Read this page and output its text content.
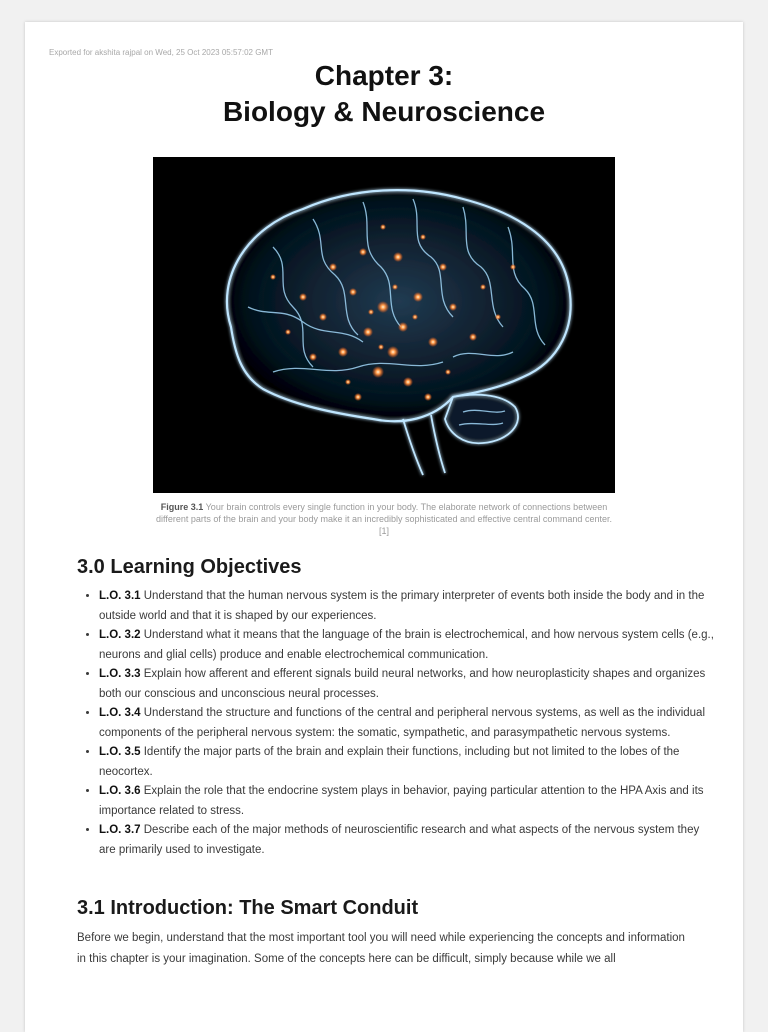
Exported for akshita rajpal on Wed, 25 Oct 2023 05:57:02 GMT
Chapter 3:
Biology & Neuroscience
Figure 3.1 Your brain controls every single function in your body. The elaborate network of connections between different parts of the brain and your body make it an incredibly sophisticated and effective central command center. [1]
3.0 Learning Objectives
• L.O. 3.1 Understand that the human nervous system is the primary interpreter of events both inside the body and in the outside world and that it is shaped by our experiences.
• L.O. 3.2 Understand what it means that the language of the brain is electrochemical, and how nervous system cells (e.g., neurons and glial cells) produce and enable electrochemical communication.
• L.O. 3.3 Explain how afferent and efferent signals build neural networks, and how neuroplasticity shapes and organizes both our conscious and unconscious neural processes.
• L.O. 3.4 Understand the structure and functions of the central and peripheral nervous systems, as well as the individual components of the peripheral nervous system: the somatic, sympathetic, and parasympathetic nervous systems.
• L.O. 3.5 Identify the major parts of the brain and explain their functions, including but not limited to the lobes of the neocortex.
• L.O. 3.6 Explain the role that the endocrine system plays in behavior, paying particular attention to the HPA Axis and its importance related to stress.
• L.O. 3.7 Describe each of the major methods of neuroscientific research and what aspects of the nervous system they are primarily used to investigate.
3.1 Introduction: The Smart Conduit

Before we begin, understand that the most important tool you will need while experiencing the concepts and information in this chapter is your imagination. Some of the concepts here can be difficult, simply because while we all
